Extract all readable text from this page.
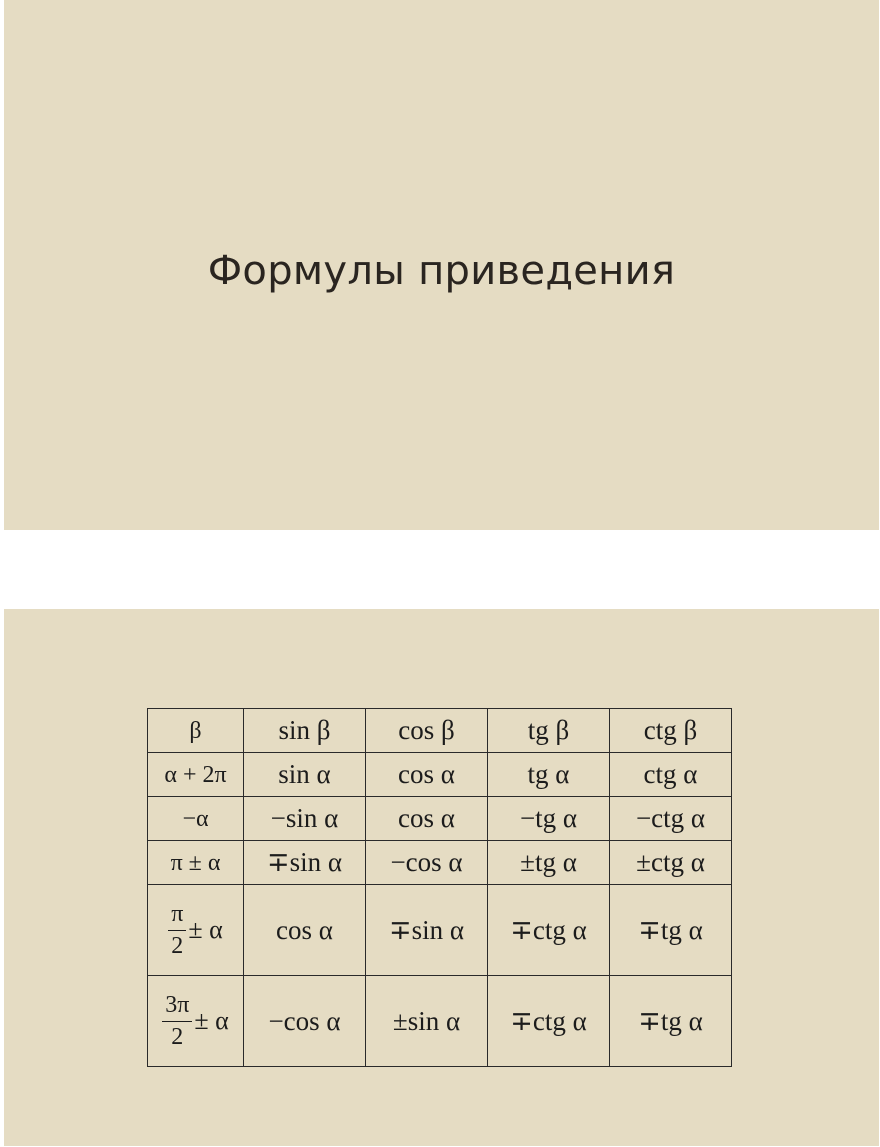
Формулы приведения
β	sin β	cos β	tg β	ctg β
α + 2π	sin α	cos α	tg α	ctg α
−α	−sin α	cos α	−tg α	−ctg α
π ± α	∓sin α	−cos α	±tg α	±ctg α

$\frac{\pi}{2} \pm \alpha$	cos α	∓sin α	∓ctg α	∓tg α

$\frac{3\pi}{2} \pm \alpha$	−cos α	±sin α	∓ctg α	∓tg α
